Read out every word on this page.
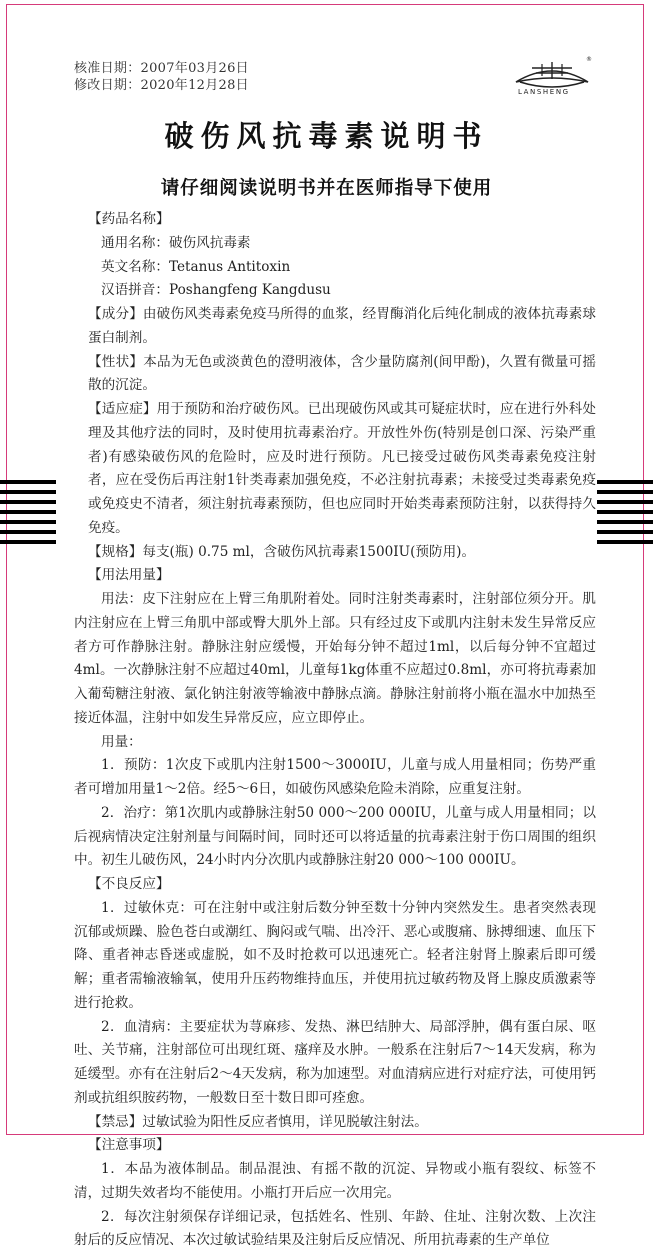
核准日期：2007年03月26日
修改日期：2020年12月28日
®
LANSHENG
破伤风抗毒素说明书
请仔细阅读说明书并在医师指导下使用

【药品名称】

通用名称：破伤风抗毒素

英文名称：Tetanus Antitoxin

汉语拼音：Poshangfeng Kangdusu

【成分】由破伤风类毒素免疫马所得的血浆，经胃酶消化后纯化制成的液体抗毒素球蛋白制剂。

【性状】本品为无色或淡黄色的澄明液体，含少量防腐剂(间甲酚)，久置有微量可摇散的沉淀。

【适应症】用于预防和治疗破伤风。已出现破伤风或其可疑症状时，应在进行外科处理及其他疗法的同时，及时使用抗毒素治疗。开放性外伤(特别是创口深、污染严重者)有感染破伤风的危险时，应及时进行预防。凡已接受过破伤风类毒素免疫注射者，应在受伤后再注射1针类毒素加强免疫，不必注射抗毒素；未接受过类毒素免疫或免疫史不清者，须注射抗毒素预防，但也应同时开始类毒素预防注射，以获得持久免疫。

【规格】每支(瓶) 0.75 ml，含破伤风抗毒素1500IU(预防用)。

【用法用量】

用法：皮下注射应在上臂三角肌附着处。同时注射类毒素时，注射部位须分开。肌内注射应在上臂三角肌中部或臀大肌外上部。只有经过皮下或肌内注射未发生异常反应者方可作静脉注射。静脉注射应缓慢，开始每分钟不超过1ml，以后每分钟不宜超过4ml。一次静脉注射不应超过40ml，儿童每1kg体重不应超过0.8ml，亦可将抗毒素加入葡萄糖注射液、氯化钠注射液等输液中静脉点滴。静脉注射前将小瓶在温水中加热至接近体温，注射中如发生异常反应，应立即停止。

用量：

1．预防：1次皮下或肌内注射1500～3000IU，儿童与成人用量相同；伤势严重者可增加用量1～2倍。经5～6日，如破伤风感染危险未消除，应重复注射。

2．治疗：第1次肌内或静脉注射50 000～200 000IU，儿童与成人用量相同；以后视病情决定注射剂量与间隔时间，同时还可以将适量的抗毒素注射于伤口周围的组织中。初生儿破伤风，24小时内分次肌内或静脉注射20 000～100 000IU。

【不良反应】

1．过敏休克：可在注射中或注射后数分钟至数十分钟内突然发生。患者突然表现沉郁或烦躁、脸色苍白或潮红、胸闷或气喘、出冷汗、恶心或腹痛、脉搏细速、血压下降、重者神志昏迷或虚脱，如不及时抢救可以迅速死亡。轻者注射肾上腺素后即可缓解；重者需输液输氧，使用升压药物维持血压，并使用抗过敏药物及肾上腺皮质激素等进行抢救。

2．血清病：主要症状为荨麻疹、发热、淋巴结肿大、局部浮肿，偶有蛋白尿、呕吐、关节痛，注射部位可出现红斑、瘙痒及水肿。一般系在注射后7～14天发病，称为延缓型。亦有在注射后2～4天发病，称为加速型。对血清病应进行对症疗法，可使用钙剂或抗组织胺药物，一般数日至十数日即可痊愈。

【禁忌】过敏试验为阳性反应者慎用，详见脱敏注射法。

【注意事项】

1．本品为液体制品。制品混浊、有摇不散的沉淀、异物或小瓶有裂纹、标签不清，过期失效者均不能使用。小瓶打开后应一次用完。

2．每次注射须保存详细记录，包括姓名、性别、年龄、住址、注射次数、上次注射后的反应情况、本次过敏试验结果及注射后反应情况、所用抗毒素的生产单位
